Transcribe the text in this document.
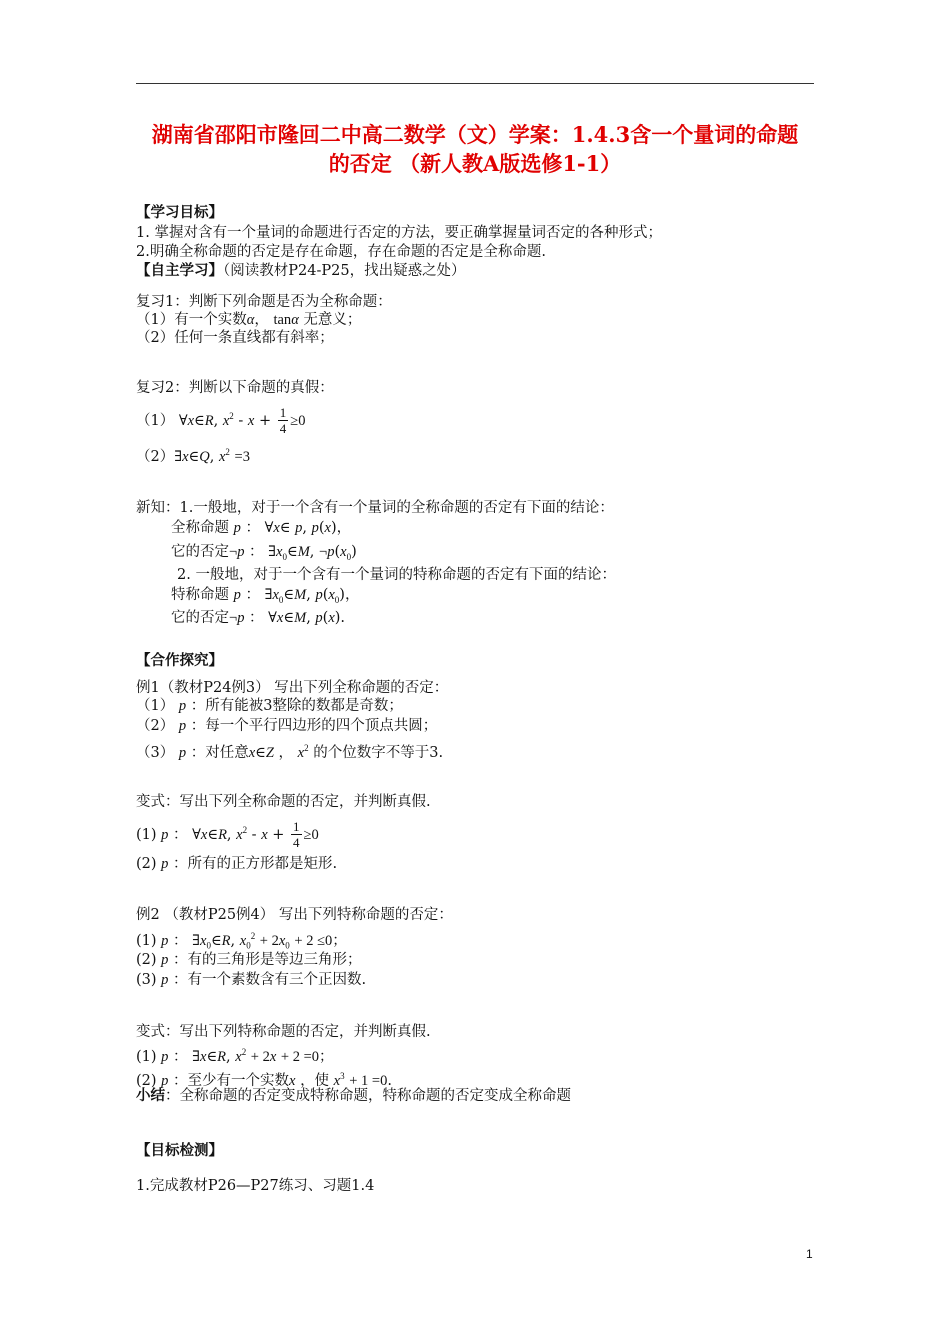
湖南省邵阳市隆回二中高二数学（文）学案：1.4.3含一个量词的命题
的否定 （新人教A版选修1-1）
【学习目标】
1. 掌握对含有一个量词的命题进行否定的方法，要正确掌握量词否定的各种形式；
2.明确全称命题的否定是存在命题，存在命题的否定是全称命题.
【自主学习】（阅读教材P24-P25，找出疑惑之处）
复习1：判断下列命题是否为全称命题：
（1）有一个实数α， tanα 无意义；
（2）任何一条直线都有斜率；
复习2：判断以下命题的真假：
（1） ∀x∈R, $x^2 - x + \frac{1}{4} \ge 0$
（2）∃x∈Q, $x^2 =3$
新知：1.一般地，对于一个含有一个量词的全称命题的否定有下面的结论：
全称命题 p ： ∀x∈ p, p(x)，
它的否定¬p ： $\exists x_0\in M$, $\neg p(x_0)$
2. 一般地，对于一个含有一个量词的特称命题的否定有下面的结论：
特称命题 p ： $\exists x_0\in M$, $p(x_0)$，
它的否定¬p ： ∀x∈M, p(x).
【合作探究】
例1（教材P24例3） 写出下列全称命题的否定：
（1） p ：所有能被3整除的数都是奇数；
（2） p ：每一个平行四边形的四个顶点共圆；
（3） p ：对任意x∈Z ， $x^2$ 的个位数字不等于3.
变式：写出下列全称命题的否定，并判断真假.
(1) p ： ∀x∈R, $x^2 - x + \frac{1}{4} \ge 0$
(2) p ：所有的正方形都是矩形.
例2 （教材P25例4） 写出下列特称命题的否定：
(1) p ： $\exists x_0\in R$, $x_0^2 + 2x_0 + 2 \le 0$；
(2) p ：有的三角形是等边三角形；
(3) p ：有一个素数含有三个正因数.
变式：写出下列特称命题的否定，并判断真假.
(1) p ： ∃x∈R, $x^2 + 2x + 2 =0$；
(2) p ：至少有一个实数x ，使 $x^3 + 1 =0$.
小结：全称命题的否定变成特称命题，特称命题的否定变成全称命题
【目标检测】
1.完成教材P26—P27练习、习题1.4
1
